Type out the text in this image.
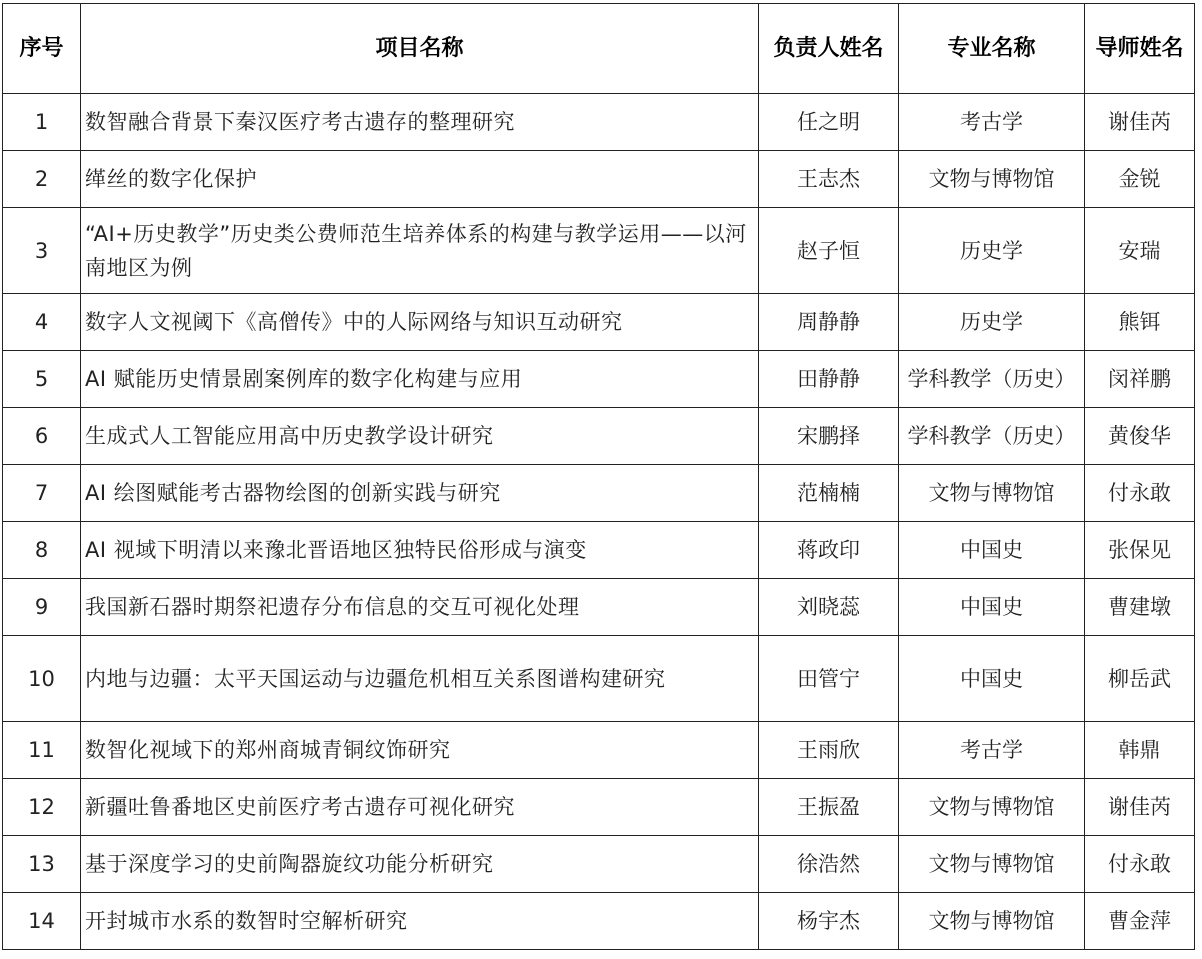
序号	项目名称	负责人姓名	专业名称	导师姓名
1	数智融合背景下秦汉医疗考古遗存的整理研究	任之明	考古学	谢佳芮
2	缂丝的数字化保护	王志杰	文物与博物馆	金锐
3	“AI+历史教学”历史类公费师范生培养体系的构建与教学运用——以河南地区为例	赵子恒	历史学	安瑞
4	数字人文视阈下《高僧传》中的人际网络与知识互动研究	周静静	历史学	熊铒
5	AI 赋能历史情景剧案例库的数字化构建与应用	田静静	学科教学（历史）	闵祥鹏
6	生成式人工智能应用高中历史教学设计研究	宋鹏择	学科教学（历史）	黄俊华
7	AI 绘图赋能考古器物绘图的创新实践与研究	范楠楠	文物与博物馆	付永敢
8	AI 视域下明清以来豫北晋语地区独特民俗形成与演变	蒋政印	中国史	张保见
9	我国新石器时期祭祀遗存分布信息的交互可视化处理	刘晓蕊	中国史	曹建墩
10	内地与边疆：太平天国运动与边疆危机相互关系图谱构建研究	田管宁	中国史	柳岳武
11	数智化视域下的郑州商城青铜纹饰研究	王雨欣	考古学	韩鼎
12	新疆吐鲁番地区史前医疗考古遗存可视化研究	王振盈	文物与博物馆	谢佳芮
13	基于深度学习的史前陶器旋纹功能分析研究	徐浩然	文物与博物馆	付永敢
14	开封城市水系的数智时空解析研究	杨宇杰	文物与博物馆	曹金萍
